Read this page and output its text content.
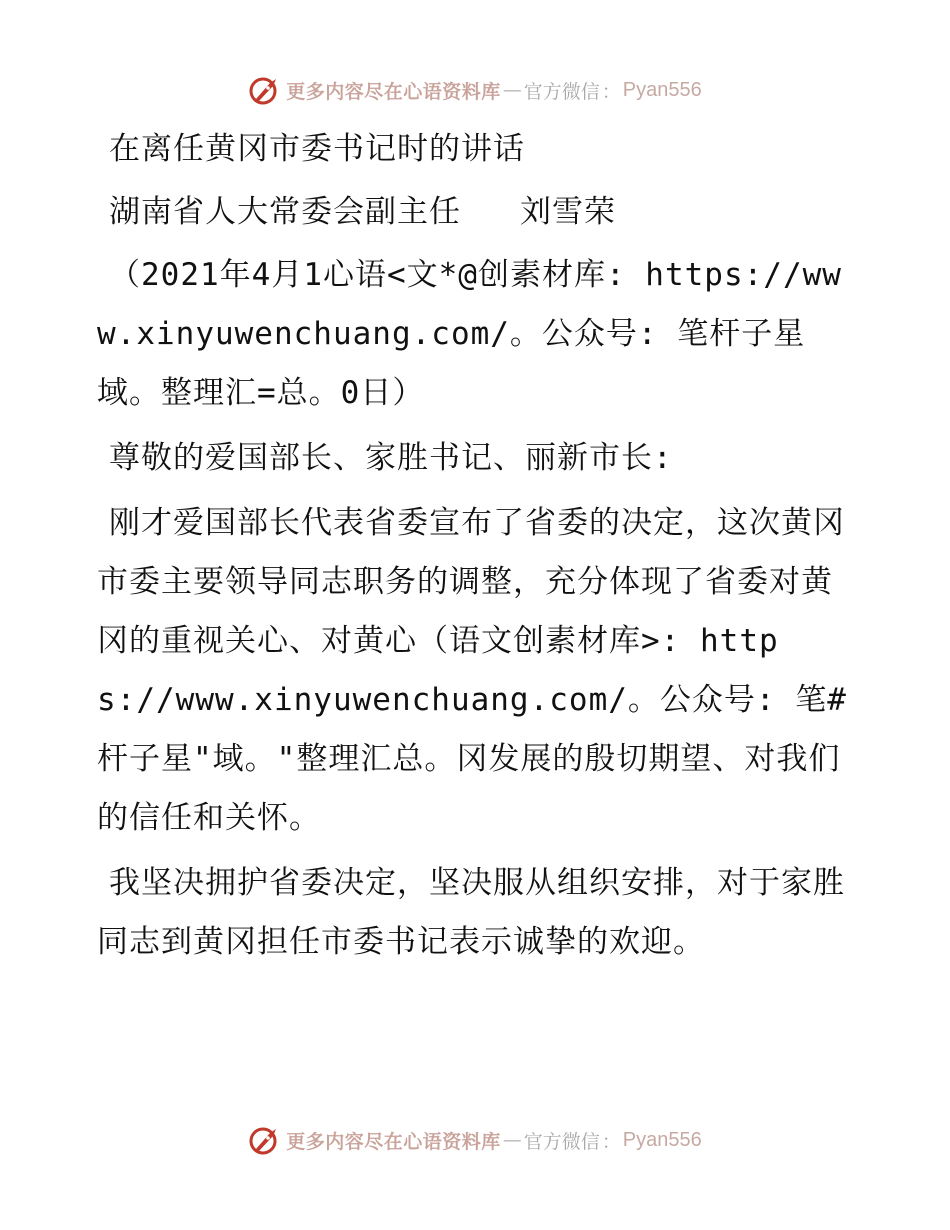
更多内容尽在心语资料库 — 官方微信 ： Pyan556

在离任黄冈市委书记时的讲话

湖南省人大常委会副主任   刘雪荣

（2021年4月1心语<文*@创素材库: https://www.xinyuwenchuang.com/。公众号: 笔杆子星域。整理汇=总。0日）

尊敬的爱国部长、家胜书记、丽新市长:

刚才爱国部长代表省委宣布了省委的决定，这次黄冈市委主要领导同志职务的调整，充分体现了省委对黄冈的重视关心、对黄心（语文创素材库>: https://www.xinyuwenchuang.com/。公众号: 笔#杆子星"域。"整理汇总。冈发展的殷切期望、对我们的信任和关怀。

我坚决拥护省委决定，坚决服从组织安排，对于家胜同志到黄冈担任市委书记表示诚挚的欢迎。

更多内容尽在心语资料库 — 官方微信 ： Pyan556
